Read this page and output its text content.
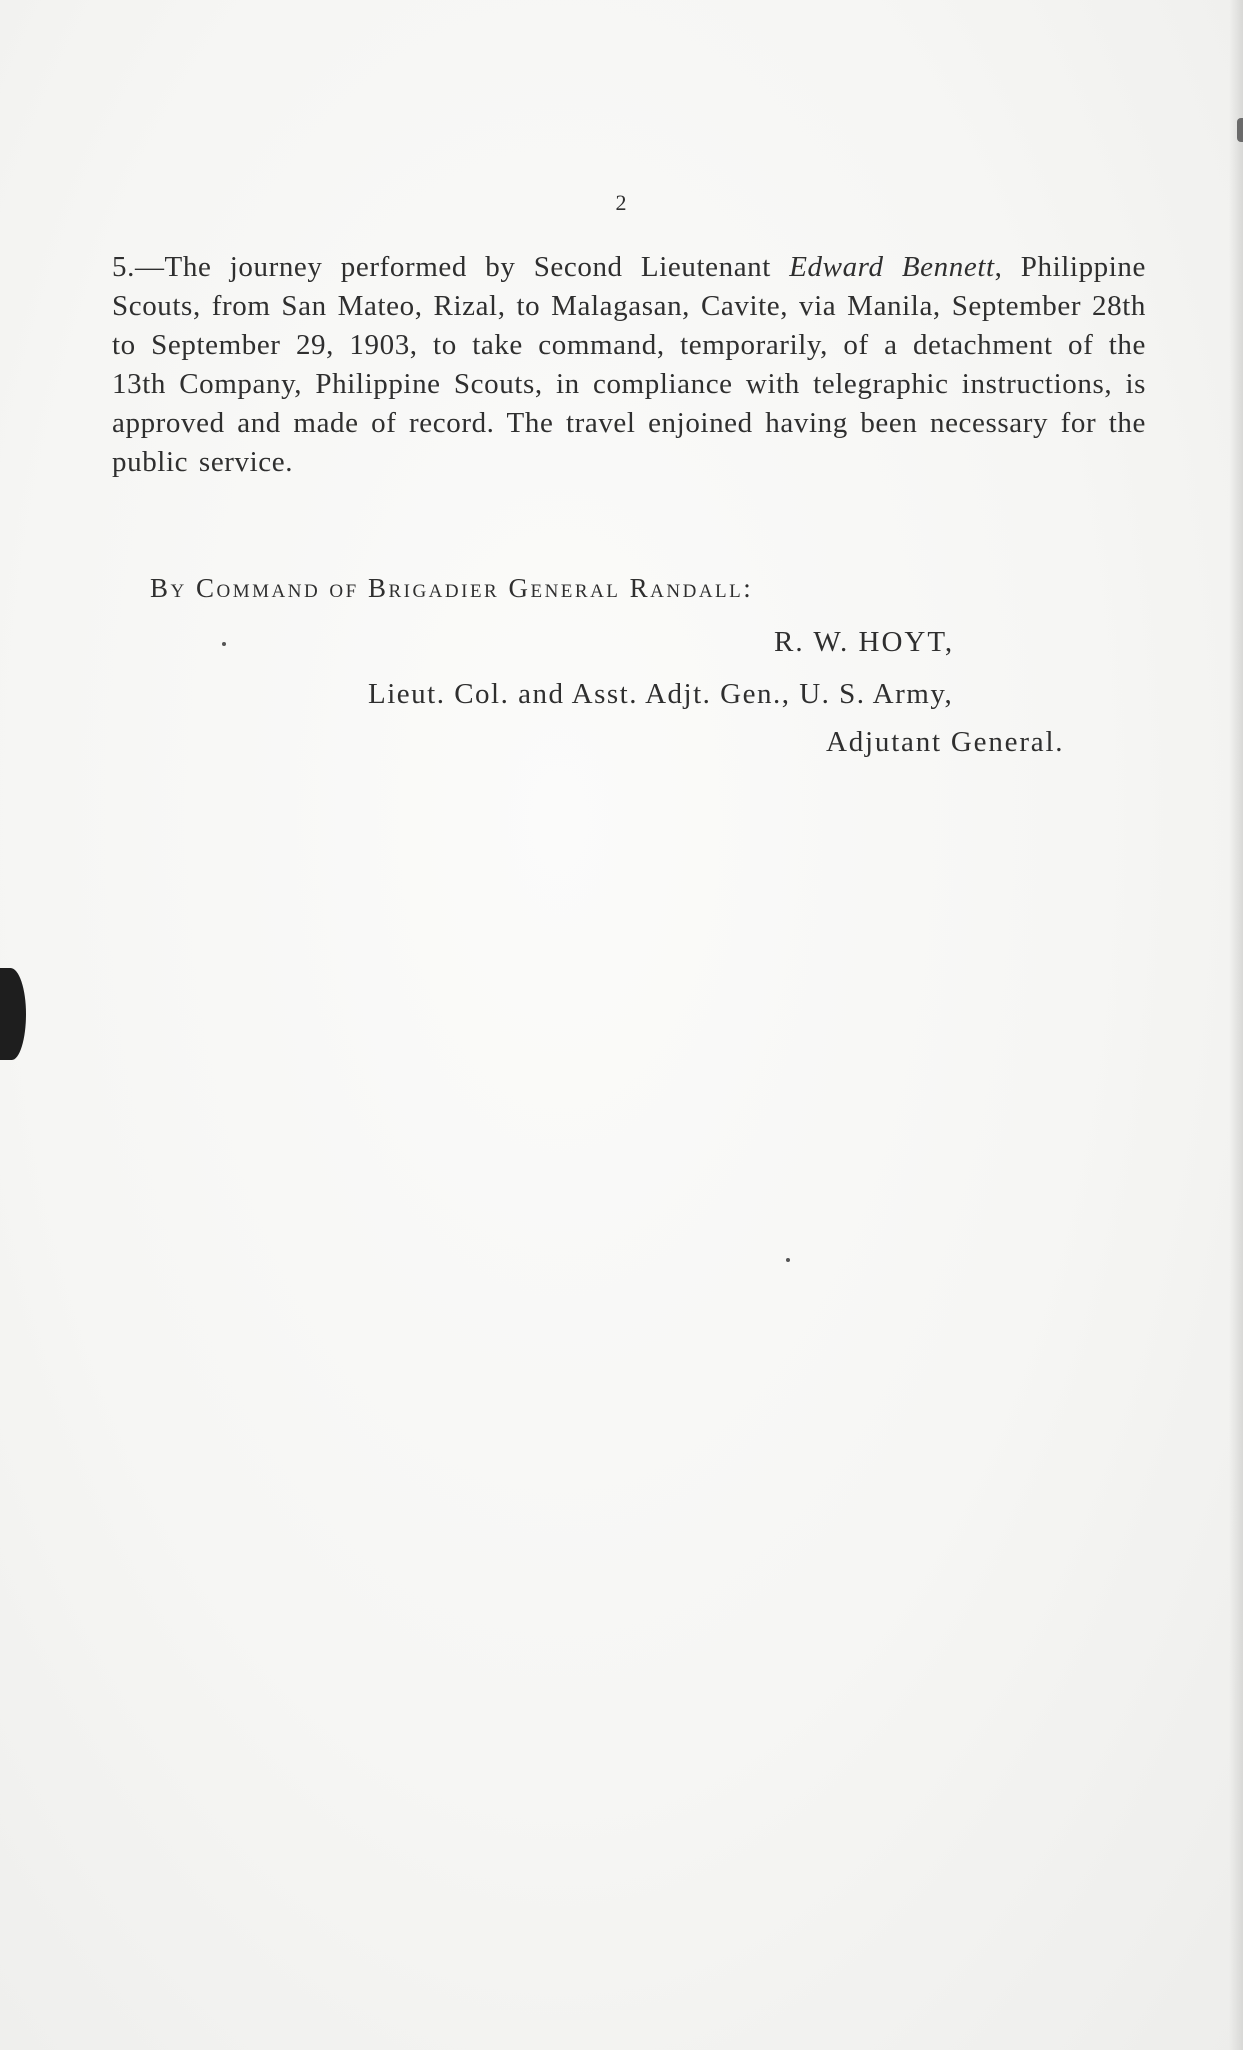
2

5.—The journey performed by Second Lieutenant Edward Bennett, Philippine Scouts, from San Mateo, Rizal, to Malagasan, Cavite, via Manila, September 28th to September 29, 1903, to take command, temporarily, of a detachment of the 13th Company, Philippine Scouts, in compliance with telegraphic instructions, is approved and made of record. The travel enjoined having been necessary for the public service.

By Command of Brigadier General Randall:

R. W. HOYT,

Lieut. Col. and Asst. Adjt. Gen., U. S. Army,

Adjutant General.
